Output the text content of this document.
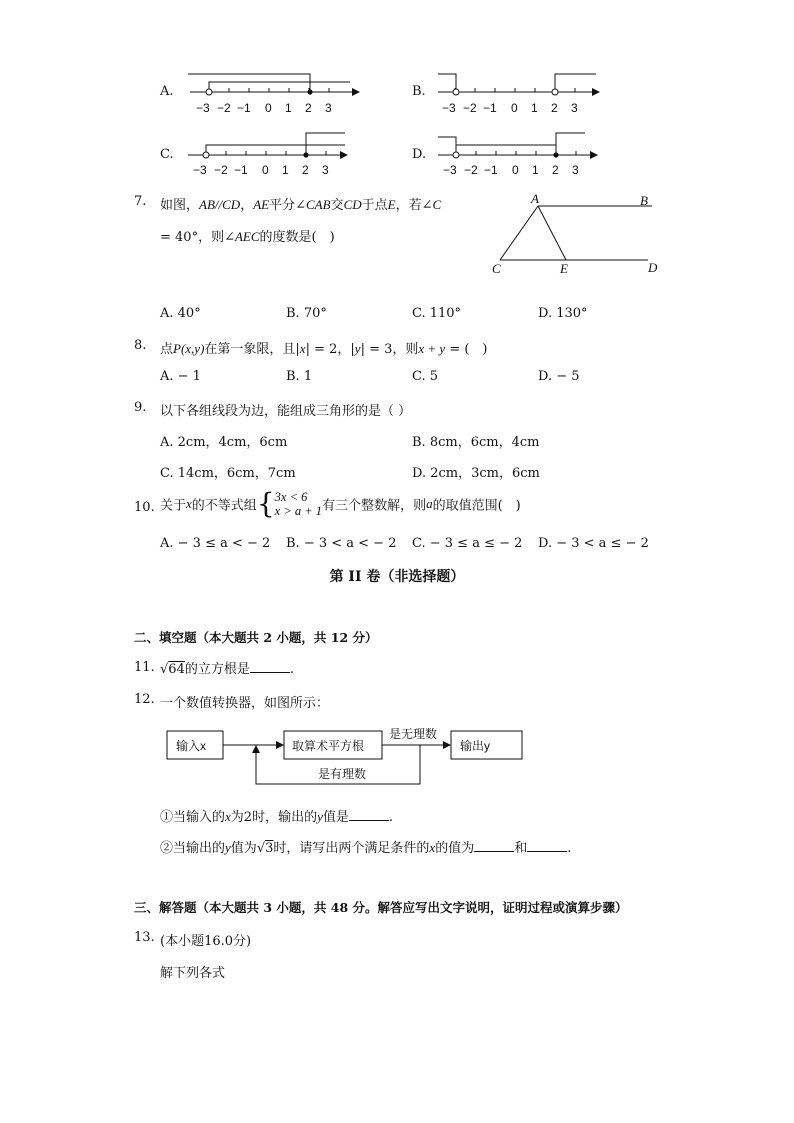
A.
−3 −2 −1 0 1 2 3	−3 −2 −1 0 1 2 3
−3 −2 −1 0 1 2 3	−3 −2 −1 0 1 2 3
B.
C.	D.
7. 如图，AB//CD，AE平分∠CAB交CD于点E，若∠C
= 40°，则∠AEC的度数是(　)
A	B
C	E	D
A. 40°	B. 70°	C. 110°	D. 130°
8. 点P(x,y)在第一象限，且|x| = 2，|y| = 3，则x + y = (　)
A. − 1	B. 1	C. 5	D. − 5
9. 以下各组线段为边，能组成三角形的是（ ）
A. 2cm，4cm，6cm	B. 8cm，6cm，4cm
C. 14cm，6cm，7cm	D. 2cm，3cm，6cm
10. 关于x的不等式组{ 3x < 6
x > a + 1 有三个整数解，则a的取值范围(　)
A. − 3 ≤ a < − 2 B. − 3 < a < − 2 C. − 3 ≤ a ≤ − 2 D. − 3 < a ≤ − 2
第 II 卷（非选择题）
二、填空题（本大题共 2 小题，共 12 分）
11. √64的立方根是	.
12. 一个数值转换器，如图所示：
输入x	取算术平方根	输出y
是无理数
是有理数
①当输入的x为2时，输出的y值是	.
②当输出的y值为√3时，请写出两个满足条件的x的值为	和	.
三、解答题（本大题共 3 小题，共 48 分。解答应写出文字说明，证明过程或演算步骤）
13. (本小题16.0分)
解下列各式
